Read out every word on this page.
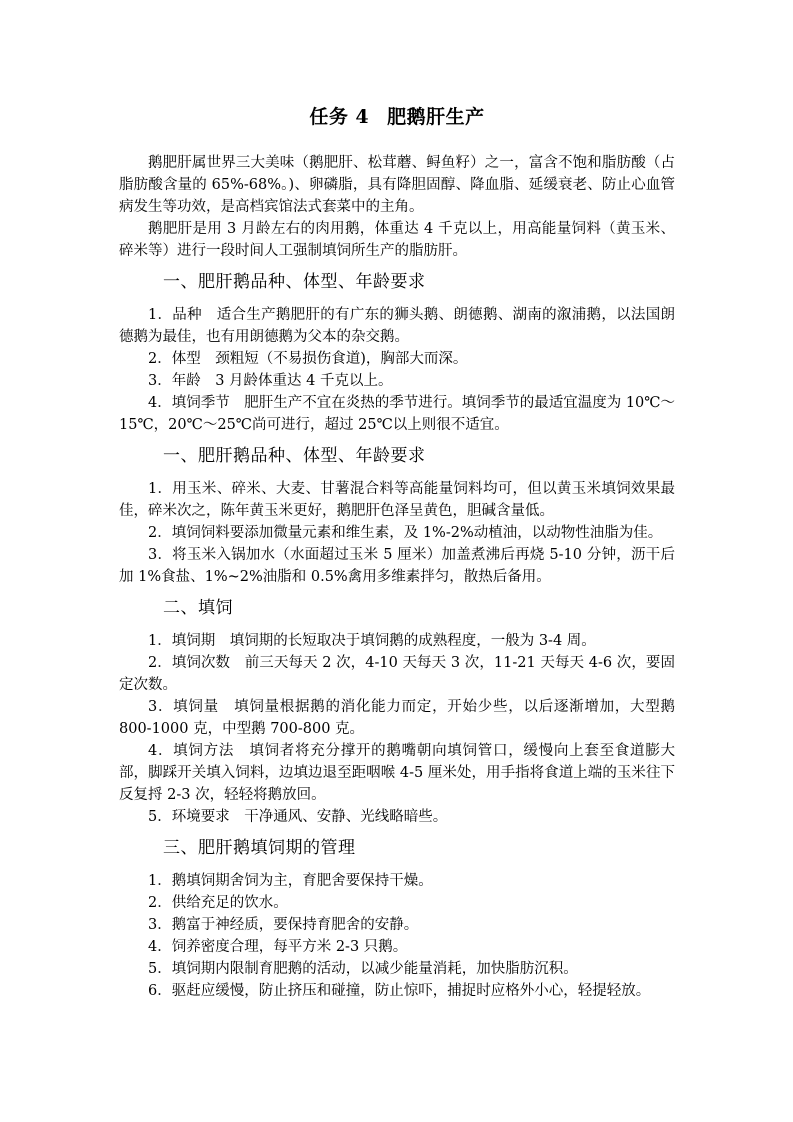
任务 4 肥鹅肝生产

鹅肥肝属世界三大美味（鹅肥肝、松茸蘑、鲟鱼籽）之一，富含不饱和脂肪酸（占脂肪酸含量的 65%-68%。)、卵磷脂，具有降胆固醇、降血脂、延缓衰老、防止心血管病发生等功效，是高档宾馆法式套菜中的主角。

鹅肥肝是用 3 月龄左右的肉用鹅，体重达 4 千克以上，用高能量饲料（黄玉米、碎米等）进行一段时间人工强制填饲所生产的脂肪肝。

一、肥肝鹅品种、体型、年龄要求

1．品种　适合生产鹅肥肝的有广东的狮头鹅、朗德鹅、湖南的溆浦鹅，以法国朗德鹅为最佳，也有用朗德鹅为父本的杂交鹅。

2．体型　颈粗短（不易损伤食道)，胸部大而深。

3．年龄　3 月龄体重达 4 千克以上。

4．填饲季节　肥肝生产不宜在炎热的季节进行。填饲季节的最适宜温度为 10℃～15℃，20℃～25℃尚可进行，超过 25℃以上则很不适宜。

一、肥肝鹅品种、体型、年龄要求

1．用玉米、碎米、大麦、甘薯混合料等高能量饲料均可，但以黄玉米填饲效果最佳，碎米次之，陈年黄玉米更好，鹅肥肝色泽呈黄色，胆碱含量低。

2．填饲饲料要添加微量元素和维生素，及 1%-2%动植油，以动物性油脂为佳。

3．将玉米入锅加水（水面超过玉米 5 厘米）加盖煮沸后再烧 5-10 分钟，沥干后加 1%食盐、1%~2%油脂和 0.5%禽用多维素拌匀，散热后备用。

二、填饲

1．填饲期　填饲期的长短取决于填饲鹅的成熟程度，一般为 3-4 周。

2．填饲次数　前三天每天 2 次，4-10 天每天 3 次，11-21 天每天 4-6 次，要固定次数。

3．填饲量　填饲量根据鹅的消化能力而定，开始少些，以后逐渐增加，大型鹅 800-1000 克，中型鹅 700-800 克。

4．填饲方法　填饲者将充分撑开的鹅嘴朝向填饲管口，缓慢向上套至食道膨大部，脚踩开关填入饲料，边填边退至距咽喉 4-5 厘米处，用手指将食道上端的玉米往下反复捋 2-3 次，轻轻将鹅放回。

5．环境要求　干净通风、安静、光线略暗些。

三、肥肝鹅填饲期的管理

1．鹅填饲期舍饲为主，育肥舍要保持干燥。

2．供给充足的饮水。

3．鹅富于神经质，要保持育肥舍的安静。

4．饲养密度合理，每平方米 2-3 只鹅。

5．填饲期内限制育肥鹅的活动，以减少能量消耗，加快脂肪沉积。

6．驱赶应缓慢，防止挤压和碰撞，防止惊吓，捕捉时应格外小心，轻提轻放。
